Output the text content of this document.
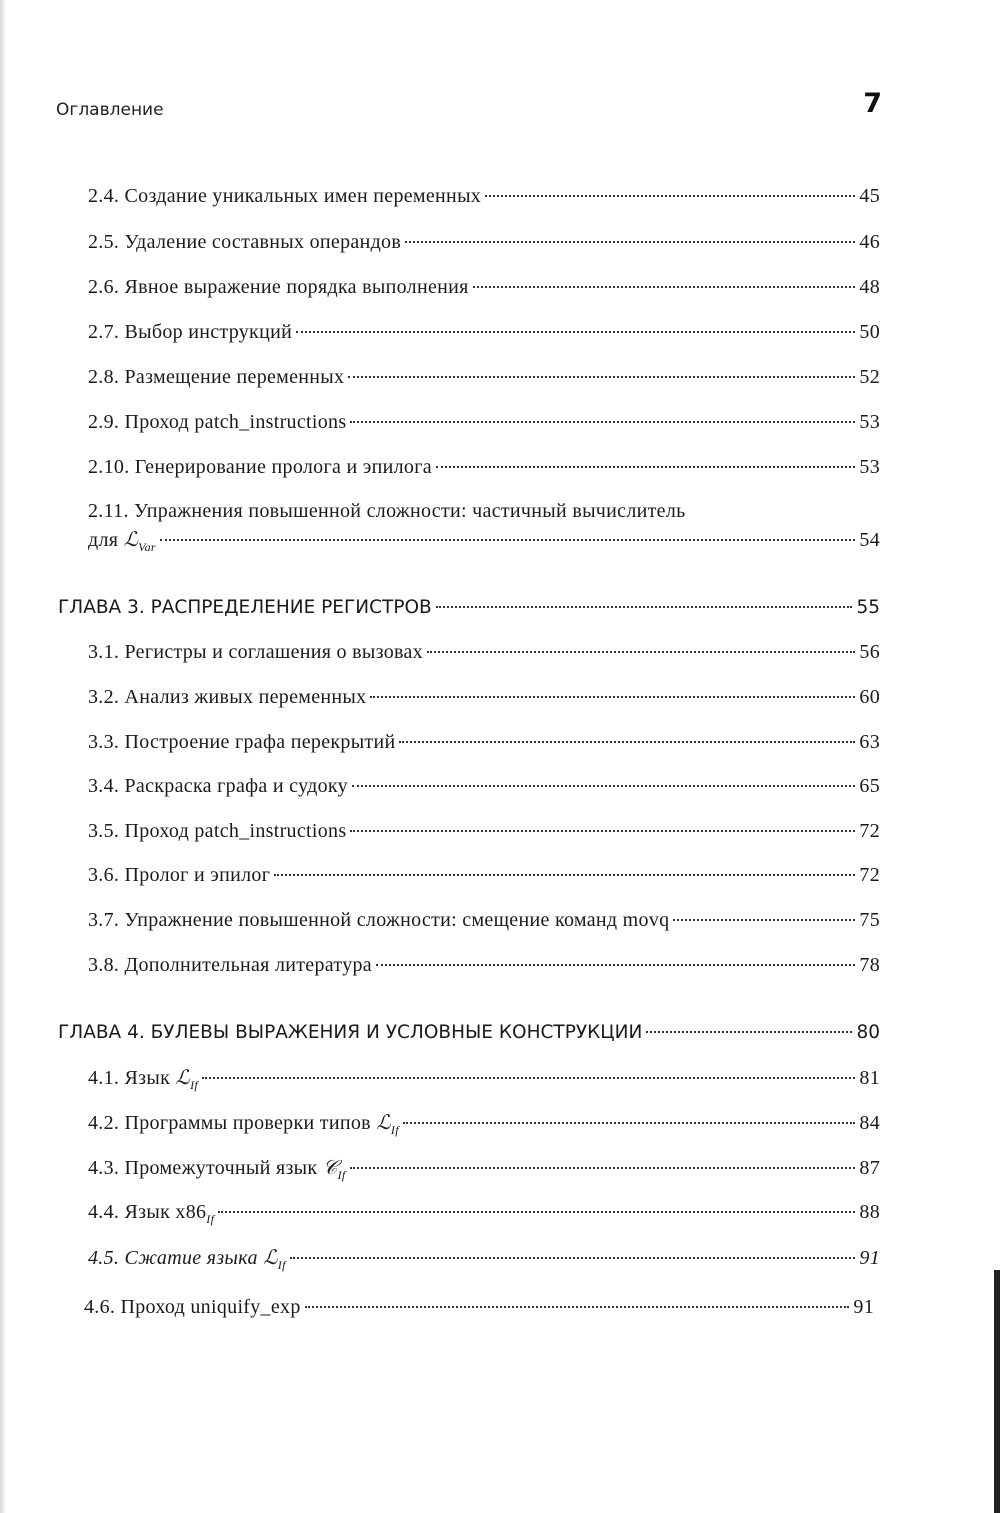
Оглавление	7
2.4. Создание уникальных имен переменных	45
2.5. Удаление составных операндов	46
2.6. Явное выражение порядка выполнения	48
2.7. Выбор инструкций	50
2.8. Размещение переменных	52
2.9. Проход patch_instructions	53
2.10. Генерирование пролога и эпилога	53
2.11. Упражнения повышенной сложности: частичный вычислитель
для ℒ$_{Var}$	54
ГЛАВА 3. РАСПРЕДЕЛЕНИЕ РЕГИСТРОВ	55
3.1. Регистры и соглашения о вызовах	56
3.2. Анализ живых переменных	60
3.3. Построение графа перекрытий	63
3.4. Раскраска графа и судоку	65
3.5. Проход patch_instructions	72
3.6. Пролог и эпилог	72
3.7. Упражнение повышенной сложности: смещение команд movq	75
3.8. Дополнительная литература	78
ГЛАВА 4. БУЛЕВЫ ВЫРАЖЕНИЯ И УСЛОВНЫЕ КОНСТРУКЦИИ	80
4.1. Язык ℒ$_{If}$	81
4.2. Программы проверки типов ℒ$_{If}$	84
4.3. Промежуточный язык 𝒞$_{If}$	87
4.4. Язык $x86_{If}$	88
4.5. Сжатие языка ℒ$_{If}$	91
4.6. Проход uniquify_exp	91
